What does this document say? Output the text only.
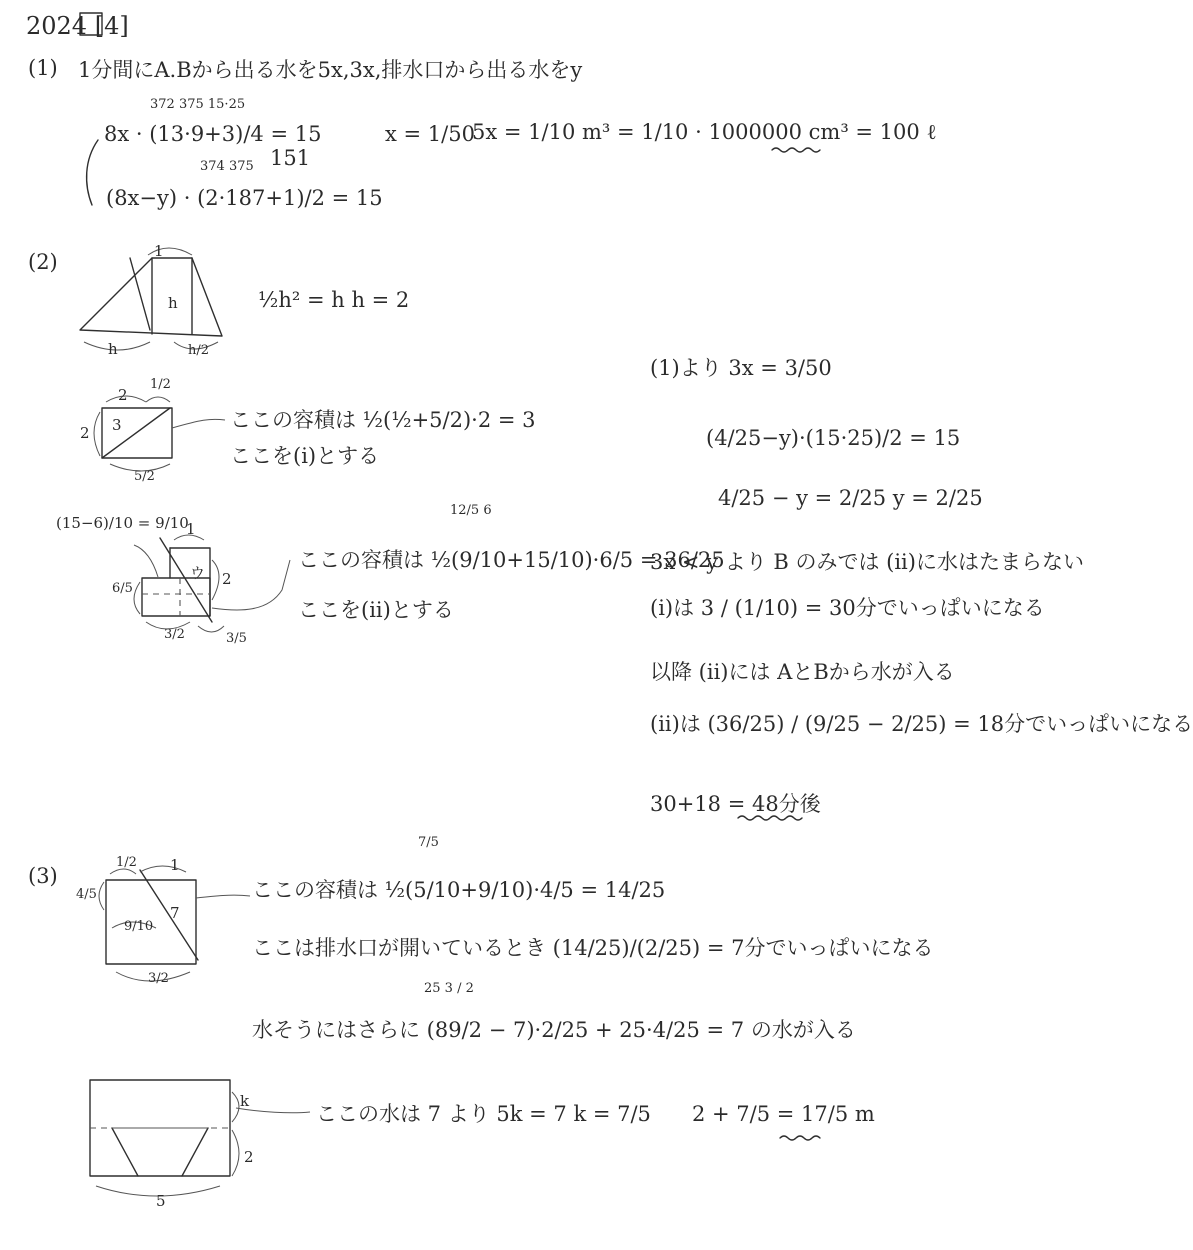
2024 [4]
(1) 1分間にA.Bから出る水を5x,3x,排水口から出る水をy
372 375 15·25
8x · (13·9+3)/4 = 15
151
374 375
(8x−y) · (2·187+1)/2 = 15
x = 1/50
5x = 1/10 m³ = 1/10 · 1000000 cm³ = 100 ℓ
(2)	1
h
h	h/2
½h² = h h = 2
2
1/2
2 3
5/2
ここの容積は ½(½+5/2)·2 = 3
ここを(i)とする
(15−6)/10 = 9/10
1
ウ 2
6/5
3/2	3/5
12/5 6
ここの容積は ½(9/10+15/10)·6/5 = 36/25
ここを(ii)とする
(1)より 3x = 3/50
(4/25−y)·(15·25)/2 = 15
4/25 − y = 2/25 y = 2/25
3x < y より B のみでは (ii)に水はたまらない
(i)は 3 / (1/10) = 30分でいっぱいになる
以降 (ii)には AとBから水が入る
(ii)は (36/25) / (9/25 − 2/25) = 18分でいっぱいになる
30+18 = 48分後
(3)
1/2 1
4/5
7
9/10
3/2
7/5
ここの容積は ½(5/10+9/10)·4/5 = 14/25
ここは排水口が開いているとき (14/25)/(2/25) = 7分でいっぱいになる
25 3 / 2
水そうにはさらに (89/2 − 7)·2/25 + 25·4/25 = 7 の水が入る
k
2
5
ここの水は 7 より 5k = 7 k = 7/5 2 + 7/5 = 17/5 m
